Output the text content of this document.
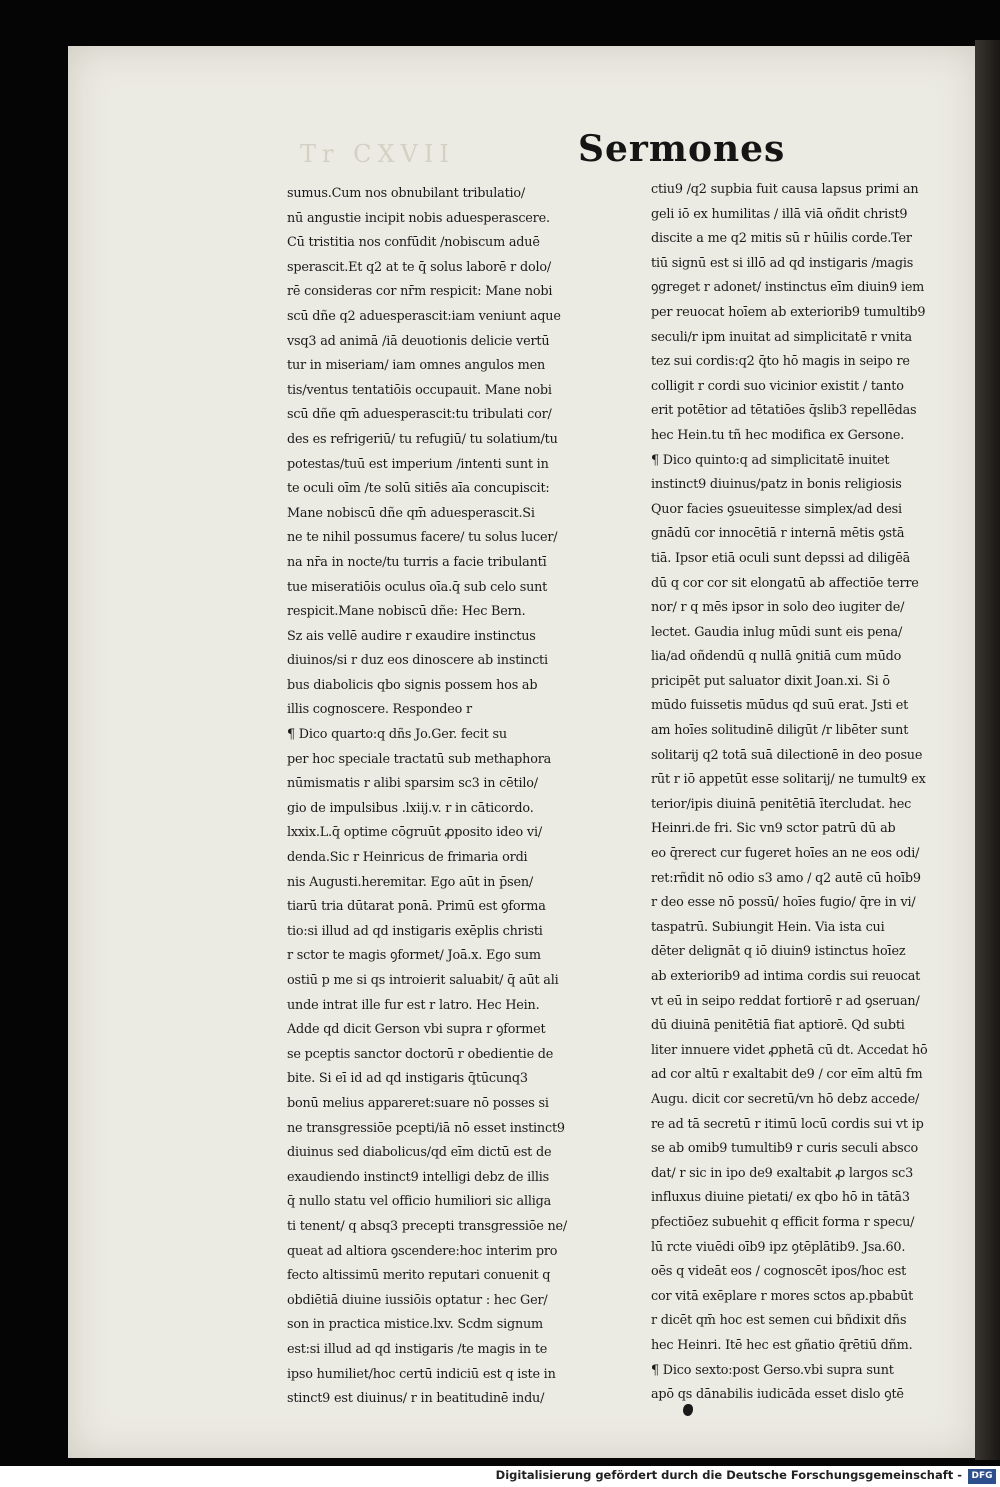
Tr CXVII	Sermones
sumus.Cum nos obnubilant tribulatio/
nū angustie incipit nobis aduesperascere.
Cū tristitia nos confūdit /nobiscum aduē
sperascit.Et q2 at te q̄ solus laborē r dolo/
rē consideras cor nr̄m respicit: Mane nobi
scū dñe q2 aduesperascit:iam veniunt aque
vsq3 ad animā /iā deuotionis delicie vertū
tur in miseriam/ iam omnes angulos men
tis/ventus tentatiōis occupauit. Mane nobi
scū dñe qm̄ aduesperascit:tu tribulati cor/
des es refrigeriū/ tu refugiū/ tu solatium/tu
potestas/tuū est imperium /intenti sunt in
te oculi oīm /te solū sitiēs aīa concupiscit:
Mane nobiscū dñe qm̄ aduesperascit.Si
ne te nihil possumus facere/ tu solus lucer/
na nr̄a in nocte/tu turris a facie tribulantī
tue miseratiōis oculus oīa.q̄ sub celo sunt
respicit.Mane nobiscū dñe: Hec Bern.
Sz ais vellē audire r exaudire instinctus
diuinos/si r duz eos dinoscere ab instincti
bus diabolicis qbo signis possem hos ab
illis cognoscere. Respondeo r
¶ Dico quarto:q dñs Jo.Ger. fecit su
per hoc speciale tractatū sub methaphora
nūmismatis r alibi sparsim sc3 in cētilo/
gio de impulsibus .lxiij.v. r in cāticordo.
lxxix.L.q̄ optime cōgruūt ꝓposito ideo vi/
denda.Sic r Heinricus de frimaria ordi
nis Augusti.heremitar. Ego aūt in p̄sen/
tiarū tria dūtarat ponā. Primū est ꝯforma
tio:si illud ad qd instigaris exēplis christi
r sctor te magis ꝯformet/ Joā.x. Ego sum
ostiū p me si qs introierit saluabit/ q̄ aūt ali
unde intrat ille fur est r latro. Hec Hein.
Adde qd dicit Gerson vbi supra r ꝯformet
se pceptis sanctor doctorū r obedientie de
bite. Si eī id ad qd instigaris q̄tūcunq3
bonū melius appareret:suare nō posses si
ne transgressiōe pcepti/iā nō esset instinct9
diuinus sed diabolicus/qd eīm dictū est de
exaudiendo instinct9 intelligi debz de illis
q̄ nullo statu vel officio humiliori sic alliga
ti tenent/ q absq3 precepti transgressiōe ne/
queat ad altiora ꝯscendere:hoc interim pro
fecto altissimū merito reputari conuenit q
obdiētiā diuine iussiōis optatur : hec Ger/
son in practica mistice.lxv. Scdm signum
est:si illud ad qd instigaris /te magis in te
ipso humiliet/hoc certū indiciū est q iste in
stinct9 est diuinus/ r in beatitudinē indu/
ctiu9 /q2 supbia fuit causa lapsus primi an
geli iō ex humilitas / illā viā oñdit christ9
discite a me q2 mitis sū r hūilis corde.Ter
tiū signū est si illō ad qd instigaris /magis
ꝯgreget r adonet/ instinctus eīm diuin9 iem
per reuocat hoīem ab exteriorib9 tumultib9
seculi/r ipm inuitat ad simplicitatē r vnita
tez sui cordis:q2 q̄to hō magis in seipo re
colligit r cordi suo vicinior existit / tanto
erit potētior ad tētatiōes q̄slib3 repellēdas
hec Hein.tu tñ hec modifica ex Gersone.
¶ Dico quinto:q ad simplicitatē inuitet
instinct9 diuinus/patz in bonis religiosis
Quor facies ꝯsueuitesse simplex/ad desi
gnādū cor innocētiā r internā mētis ꝯstā
tiā. Ipsor etiā oculi sunt depssi ad diligēā
dū q cor cor sit elongatū ab affectiōe terre
nor/ r q mēs ipsor in solo deo iugiter de/
lectet. Gaudia inlug mūdi sunt eis pena/
lia/ad oñdendū q nullā ꝯnitiā cum mūdo
pricipēt put saluator dixit Joan.xi. Si ō
mūdo fuissetis mūdus qd suū erat. Jsti et
am hoīes solitudinē diligūt /r libēter sunt
solitarij q2 totā suā dilectionē in deo posue
rūt r iō appetūt esse solitarij/ ne tumult9 ex
terior/ipis diuinā penitētiā ītercludat. hec
Heinri.de fri. Sic vn9 sctor patrū dū ab
eo q̄rerect cur fugeret hoīes an ne eos odi/
ret:rñdit nō odio s3 amo / q2 autē cū hoīb9
r deo esse nō possū/ hoīes fugio/ q̄re in vi/
taspatrū. Subiungit Hein. Via ista cui
dēter delignāt q iō diuin9 istinctus hoīez
ab exteriorib9 ad intima cordis sui reuocat
vt eū in seipo reddat fortiorē r ad ꝯseruan/
dū diuinā penitētiā fiat aptiorē. Qd subti
liter innuere videt ꝓphetā cū dt. Accedat hō
ad cor altū r exaltabit de9 / cor eīm altū fm
Augu. dicit cor secretū/vn hō debz accede/
re ad tā secretū r itimū locū cordis sui vt ip
se ab omib9 tumultib9 r curis seculi absco
dat/ r sic in ipo de9 exaltabit ꝓ largos sc3
influxus diuine pietati/ ex qbo hō in tātā3
pfectiōez subuehit q efficit forma r specu/
lū rcte viuēdi oīb9 ipz ꝯtēplātib9. Jsa.60.
oēs q videāt eos / cognoscēt ipos/hoc est
cor vitā exēplare r mores sctos ap.pbabūt
r dicēt qm̄ hoc est semen cui bñdixit dñs
hec Heinri. Itē hec est gñatio q̄rētiū dñm.
¶ Dico sexto:post Gerso.vbi supra sunt
apō qs dānabilis iudicāda esset dislo ꝯtē
Digitalisierung gefördert durch die Deutsche Forschungsgemeinschaft -	DFG
